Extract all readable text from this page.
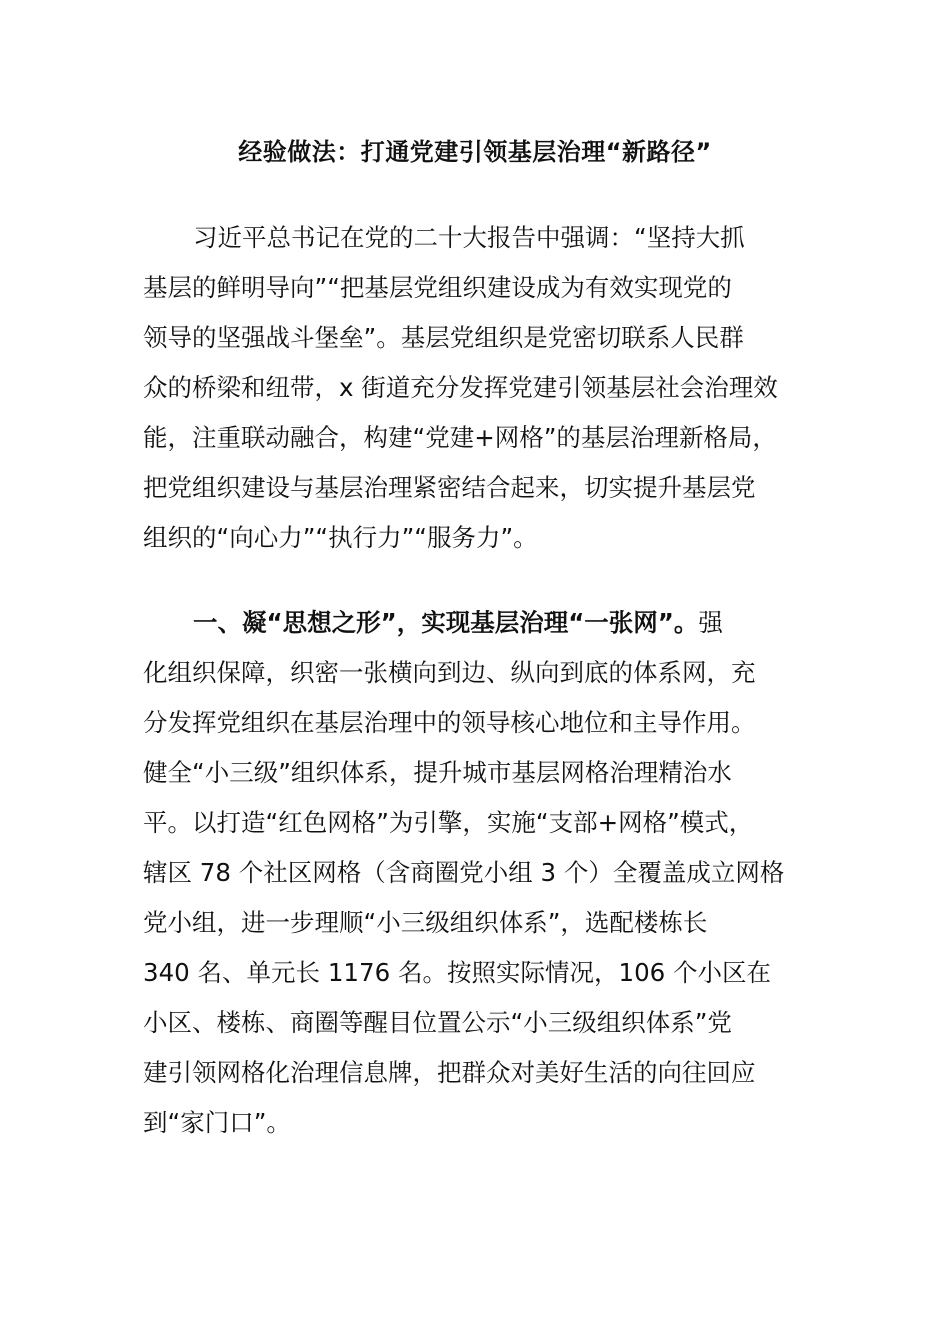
经验做法：打通党建引领基层治理“新路径”
习近平总书记在党的二十大报告中强调：“坚持大抓
基层的鲜明导向”“把基层党组织建设成为有效实现党的
领导的坚强战斗堡垒”。基层党组织是党密切联系人民群
众的桥梁和纽带，x 街道充分发挥党建引领基层社会治理效
能，注重联动融合，构建“党建+网格”的基层治理新格局，
把党组织建设与基层治理紧密结合起来，切实提升基层党
组织的“向心力”“执行力”“服务力”。
一、凝“思想之形”，实现基层治理“一张网”。强
化组织保障，织密一张横向到边、纵向到底的体系网，充
分发挥党组织在基层治理中的领导核心地位和主导作用。
健全“小三级”组织体系，提升城市基层网格治理精治水
平。以打造“红色网格”为引擎，实施“支部+网格”模式，
辖区 78 个社区网格（含商圈党小组 3 个）全覆盖成立网格
党小组，进一步理顺“小三级组织体系”，选配楼栋长
340 名、单元长 1176 名。按照实际情况，106 个小区在
小区、楼栋、商圈等醒目位置公示“小三级组织体系”党
建引领网格化治理信息牌，把群众对美好生活的向往回应
到“家门口”。
